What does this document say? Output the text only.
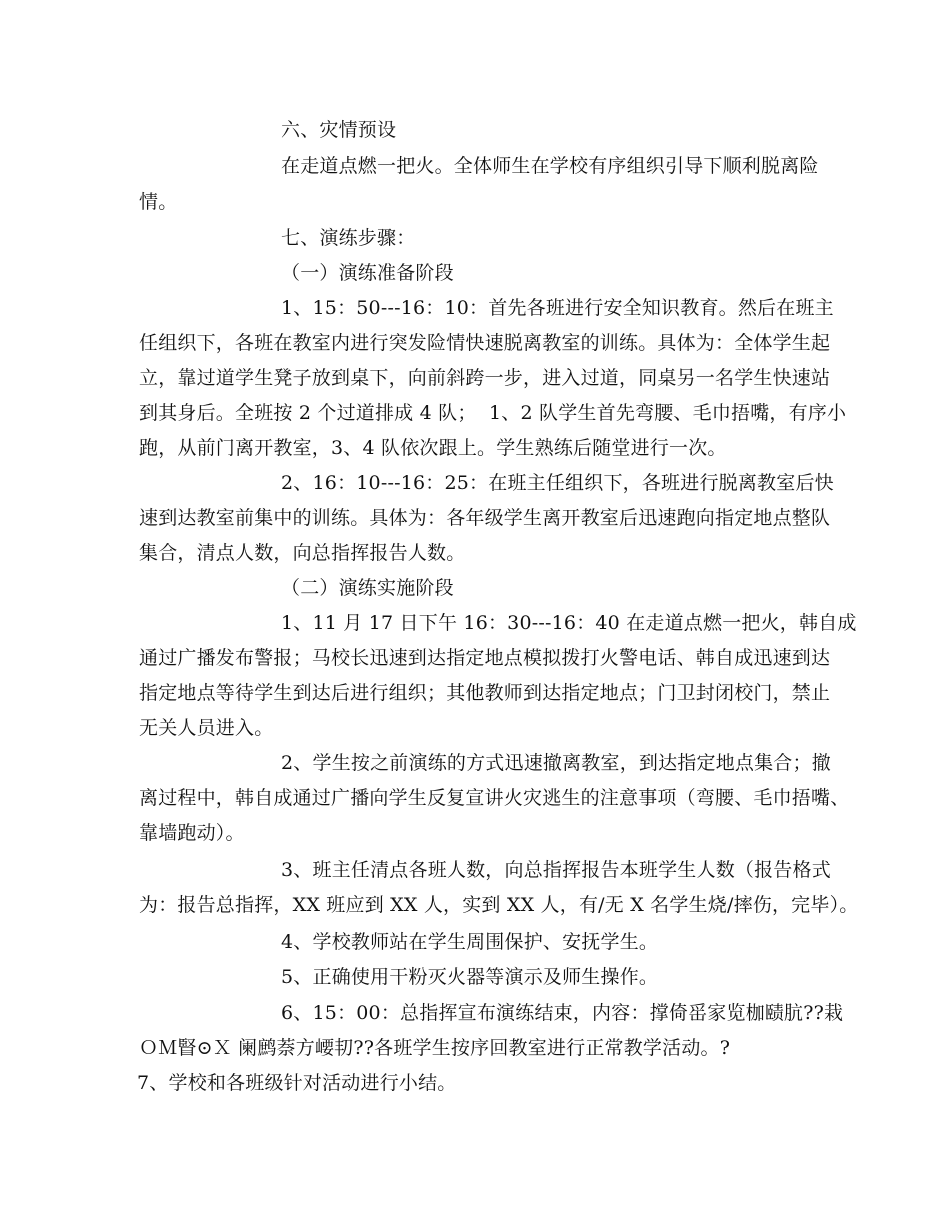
六、灾情预设
在走道点燃一把火。全体师生在学校有序组织引导下顺利脱离险
情。
七、演练步骤：
（一）演练准备阶段
1、15：50---16：10：首先各班进行安全知识教育。然后在班主
任组织下，各班在教室内进行突发险情快速脱离教室的训练。具体为：全体学生起
立，靠过道学生凳子放到桌下，向前斜跨一步，进入过道，同桌另一名学生快速站
到其身后。全班按 2 个过道排成 4 队；  1、2 队学生首先弯腰、毛巾捂嘴，有序小
跑，从前门离开教室，3、4 队依次跟上。学生熟练后随堂进行一次。
2、16：10---16：25：在班主任组织下，各班进行脱离教室后快
速到达教室前集中的训练。具体为：各年级学生离开教室后迅速跑向指定地点整队
集合，清点人数，向总指挥报告人数。
（二）演练实施阶段
1、11 月 17 日下午 16：30---16：40 在走道点燃一把火，韩自成
通过广播发布警报；马校长迅速到达指定地点模拟拨打火警电话、韩自成迅速到达
指定地点等待学生到达后进行组织；其他教师到达指定地点；门卫封闭校门，禁止
无关人员进入。
2、学生按之前演练的方式迅速撤离教室，到达指定地点集合；撤
离过程中，韩自成通过广播向学生反复宣讲火灾逃生的注意事项（弯腰、毛巾捂嘴、
靠墙跑动）。
3、班主任清点各班人数，向总指挥报告本班学生人数（报告格式
为：报告总指挥，XX 班应到 XX 人，实到 XX 人，有/无 X 名学生烧/摔伤，完毕）。
4、学校教师站在学生周围保护、安抚学生。
5、正确使用干粉灭火器等演示及师生操作。
6、15：00：总指挥宣布演练结束，内容：撑倚䍃家览枷赜肮??栽
ＯＭ䁂⊙Ｘ 阑鹧萘方崾㓞??各班学生按序回教室进行正常教学活动。?
7、学校和各班级针对活动进行小结。
